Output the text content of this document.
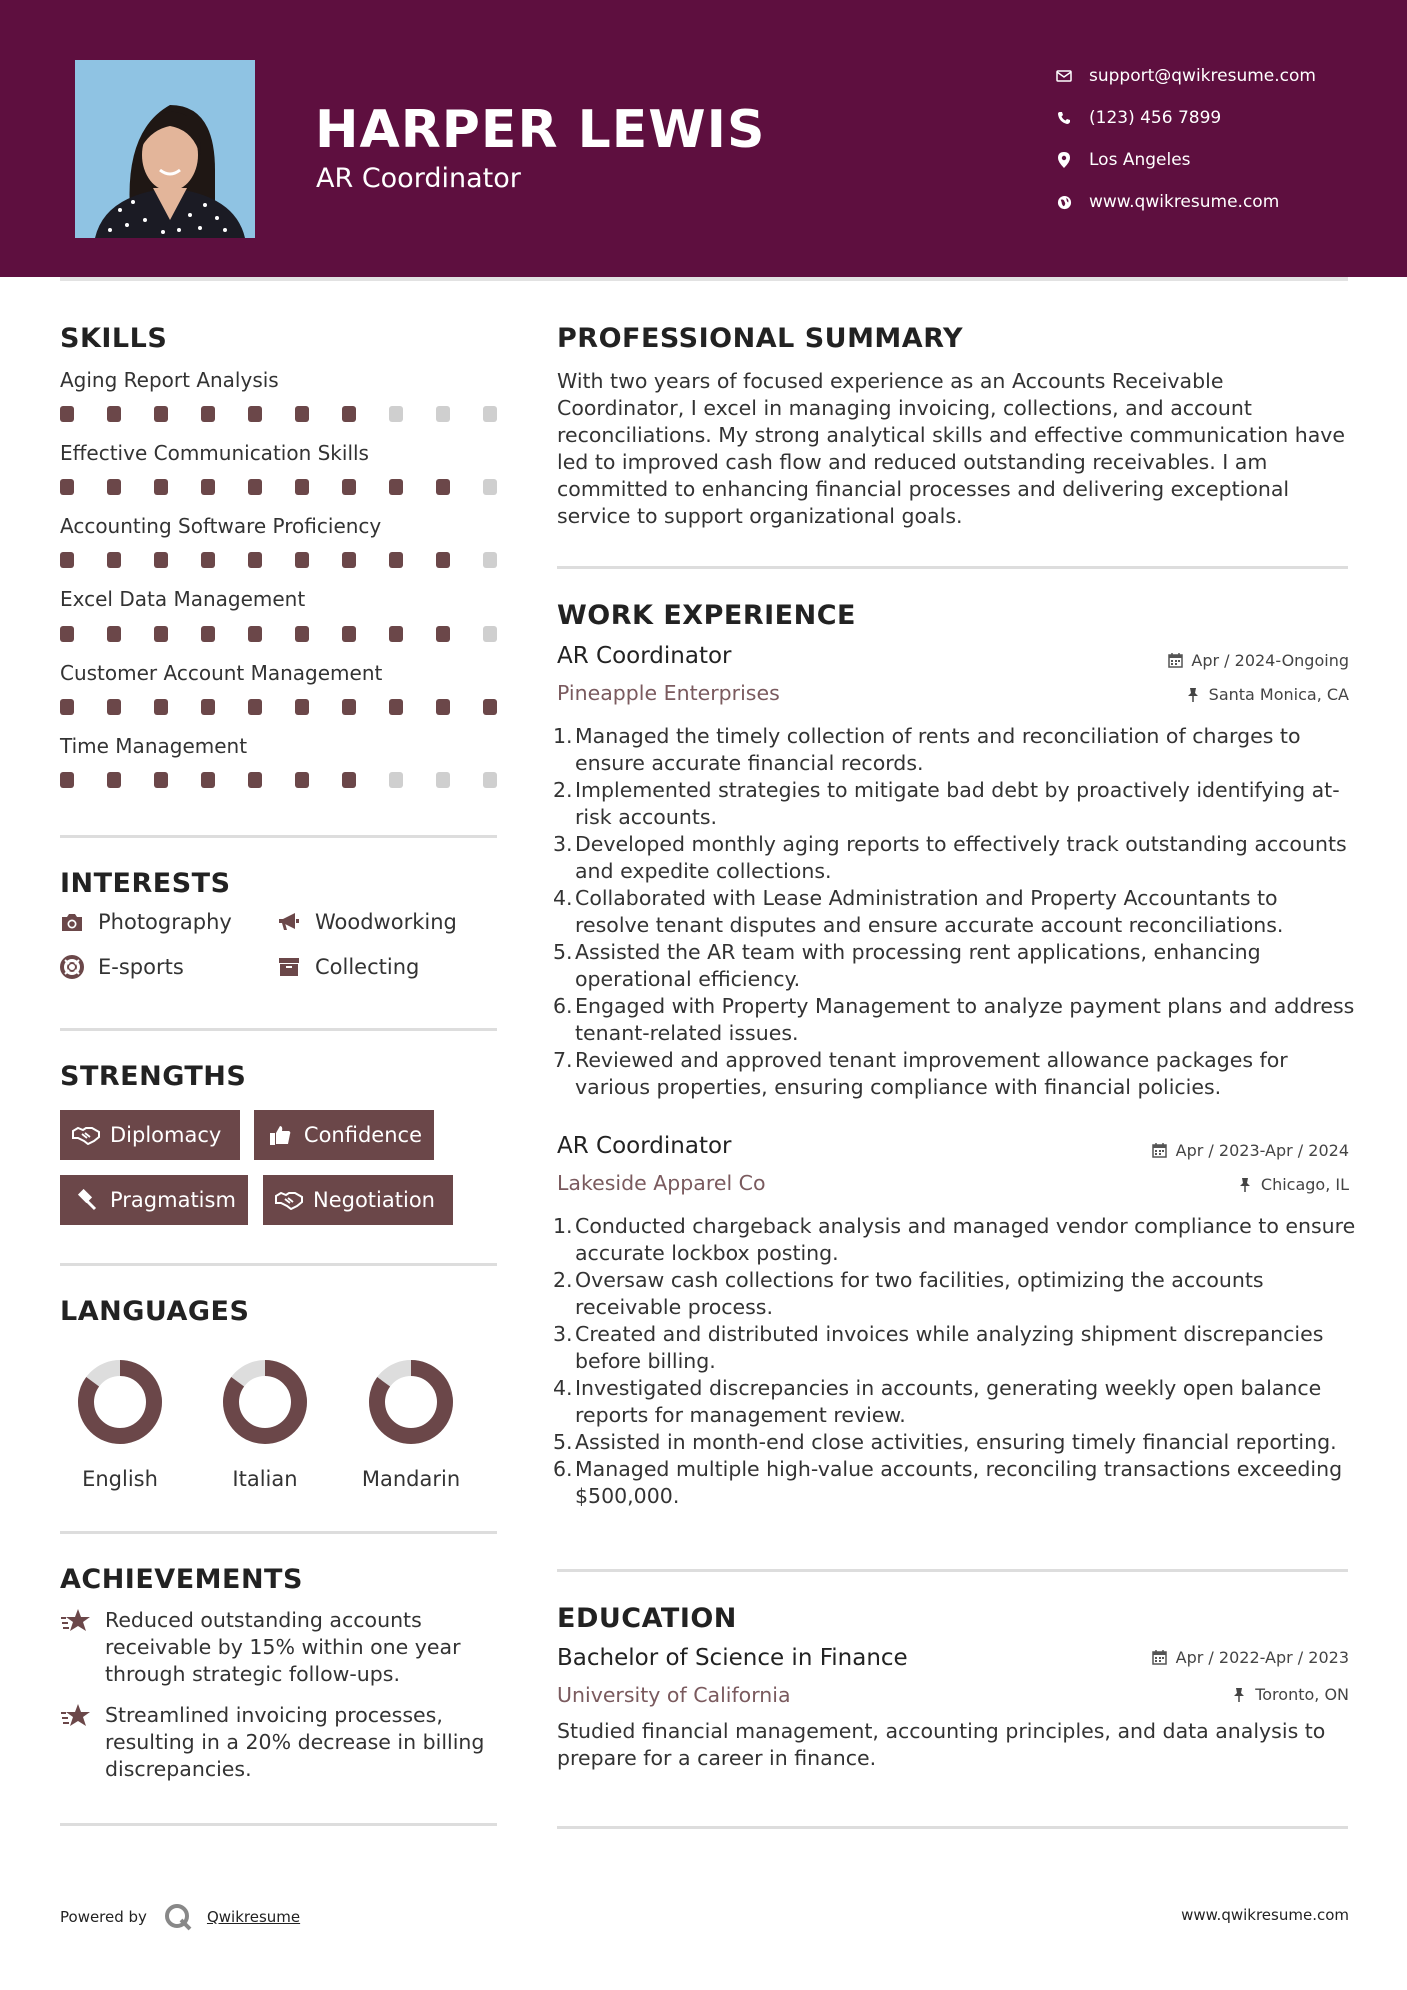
HARPER LEWIS
AR Coordinator
support@qwikresume.com
(123) 456 7899
Los Angeles
www.qwikresume.com
SKILLS
Aging Report Analysis
Effective Communication Skills
Accounting Software Proficiency
Excel Data Management
Customer Account Management
Time Management
INTERESTS
Photography	Woodworking
E-sports	Collecting
STRENGTHS
Diplomacy	Confidence
Pragmatism	Negotiation
LANGUAGES
English	Italian	Mandarin
ACHIEVEMENTS
Reduced outstanding accounts receivable by 15% within one year through strategic follow-ups.
Streamlined invoicing processes, resulting in a 20% decrease in billing discrepancies.
PROFESSIONAL SUMMARY
With two years of focused experience as an Accounts Receivable Coordinator, I excel in managing invoicing, collections, and account reconciliations. My strong analytical skills and effective communication have led to improved cash flow and reduced outstanding receivables. I am committed to enhancing financial processes and delivering exceptional service to support organizational goals.
WORK EXPERIENCE
AR Coordinator	Apr / 2024-Ongoing
Pineapple Enterprises	Santa Monica, CA
1. Managed the timely collection of rents and reconciliation of charges to ensure accurate financial records.
2. Implemented strategies to mitigate bad debt by proactively identifying at-risk accounts.
3. Developed monthly aging reports to effectively track outstanding accounts and expedite collections.
4. Collaborated with Lease Administration and Property Accountants to resolve tenant disputes and ensure accurate account reconciliations.
5. Assisted the AR team with processing rent applications, enhancing operational efficiency.
6. Engaged with Property Management to analyze payment plans and address tenant-related issues.
7. Reviewed and approved tenant improvement allowance packages for various properties, ensuring compliance with financial policies.
AR Coordinator	Apr / 2023-Apr / 2024
Lakeside Apparel Co	Chicago, IL
1. Conducted chargeback analysis and managed vendor compliance to ensure accurate lockbox posting.
2. Oversaw cash collections for two facilities, optimizing the accounts receivable process.
3. Created and distributed invoices while analyzing shipment discrepancies before billing.
4. Investigated discrepancies in accounts, generating weekly open balance reports for management review.
5. Assisted in month-end close activities, ensuring timely financial reporting.
6. Managed multiple high-value accounts, reconciling transactions exceeding $500,000.
EDUCATION
Bachelor of Science in Finance	Apr / 2022-Apr / 2023
University of California	Toronto, ON
Studied financial management, accounting principles, and data analysis to prepare for a career in finance.
Powered by	Qwikresume	www.qwikresume.com
